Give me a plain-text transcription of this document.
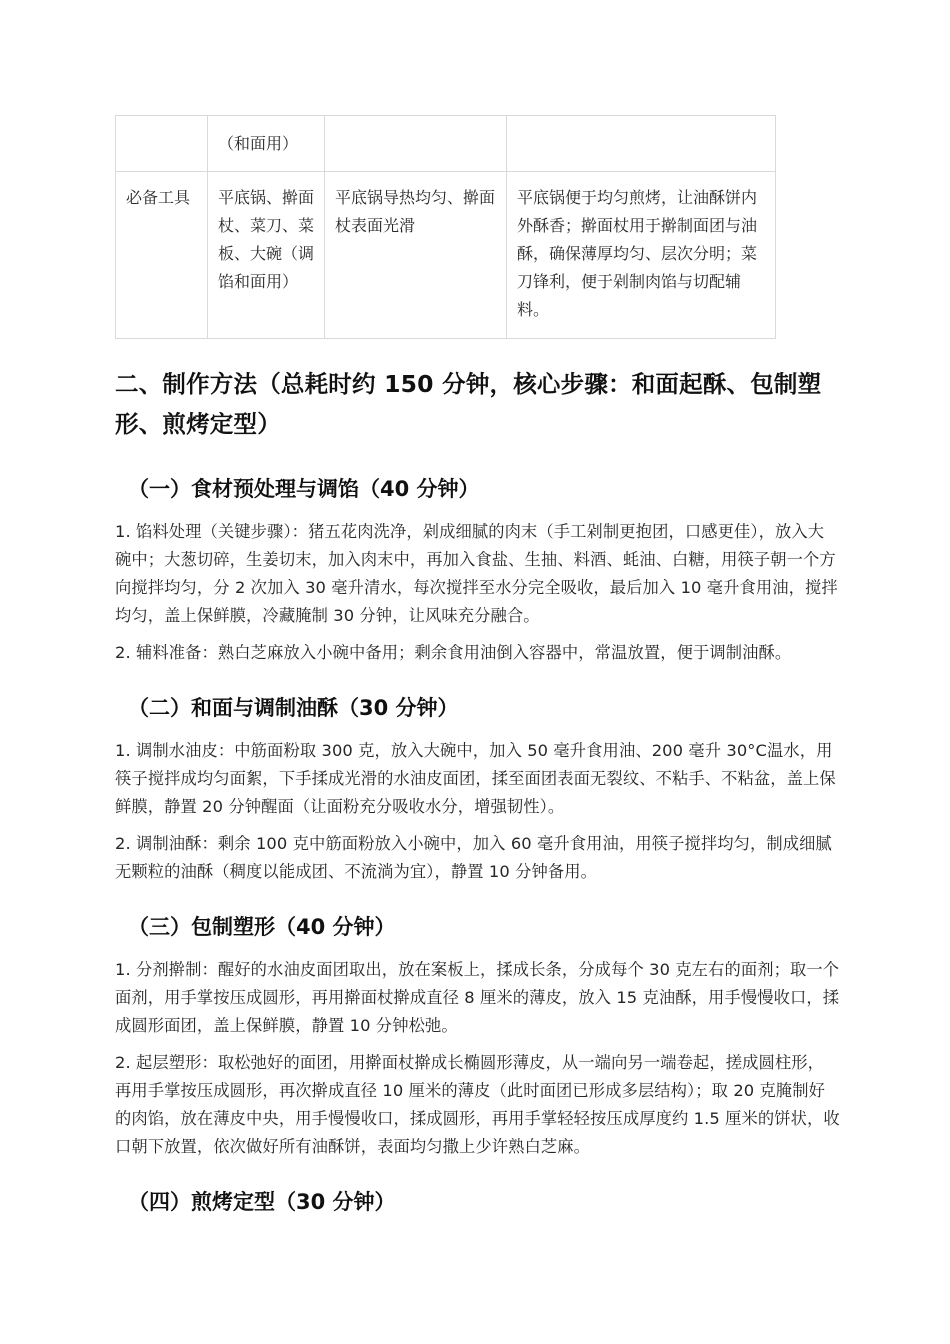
	（和面用）		
必备工具	平底锅、擀面杖、菜刀、菜板、大碗（调馅和面用）	平底锅导热均匀、擀面杖表面光滑	平底锅便于均匀煎烤，让油酥饼内外酥香；擀面杖用于擀制面团与油酥，确保薄厚均匀、层次分明；菜刀锋利，便于剁制肉馅与切配辅料。
二、制作方法（总耗时约 150 分钟，核心步骤：和面起酥、包制塑形、煎烤定型）
（一）食材预处理与调馅（40 分钟）

1. 馅料处理（关键步骤）：猪五花肉洗净，剁成细腻的肉末（手工剁制更抱团，口感更佳），放入大碗中；大葱切碎，生姜切末，加入肉末中，再加入食盐、生抽、料酒、蚝油、白糖，用筷子朝一个方向搅拌均匀，分 2 次加入 30 毫升清水，每次搅拌至水分完全吸收，最后加入 10 毫升食用油，搅拌均匀，盖上保鲜膜，冷藏腌制 30 分钟，让风味充分融合。

2. 辅料准备：熟白芝麻放入小碗中备用；剩余食用油倒入容器中，常温放置，便于调制油酥。

（二）和面与调制油酥（30 分钟）

1. 调制水油皮：中筋面粉取 300 克，放入大碗中，加入 50 毫升食用油、200 毫升 30°C温水，用筷子搅拌成均匀面絮，下手揉成光滑的水油皮面团，揉至面团表面无裂纹、不粘手、不粘盆，盖上保鲜膜，静置 20 分钟醒面（让面粉充分吸收水分，增强韧性）。

2. 调制油酥：剩余 100 克中筋面粉放入小碗中，加入 60 毫升食用油，用筷子搅拌均匀，制成细腻无颗粒的油酥（稠度以能成团、不流淌为宜），静置 10 分钟备用。

（三）包制塑形（40 分钟）

1. 分剂擀制：醒好的水油皮面团取出，放在案板上，揉成长条，分成每个 30 克左右的面剂；取一个面剂，用手掌按压成圆形，再用擀面杖擀成直径 8 厘米的薄皮，放入 15 克油酥，用手慢慢收口，揉成圆形面团，盖上保鲜膜，静置 10 分钟松弛。

2. 起层塑形：取松弛好的面团，用擀面杖擀成长椭圆形薄皮，从一端向另一端卷起，搓成圆柱形，再用手掌按压成圆形，再次擀成直径 10 厘米的薄皮（此时面团已形成多层结构）；取 20 克腌制好的肉馅，放在薄皮中央，用手慢慢收口，揉成圆形，再用手掌轻轻按压成厚度约 1.5 厘米的饼状，收口朝下放置，依次做好所有油酥饼，表面均匀撒上少许熟白芝麻。

（四）煎烤定型（30 分钟）
